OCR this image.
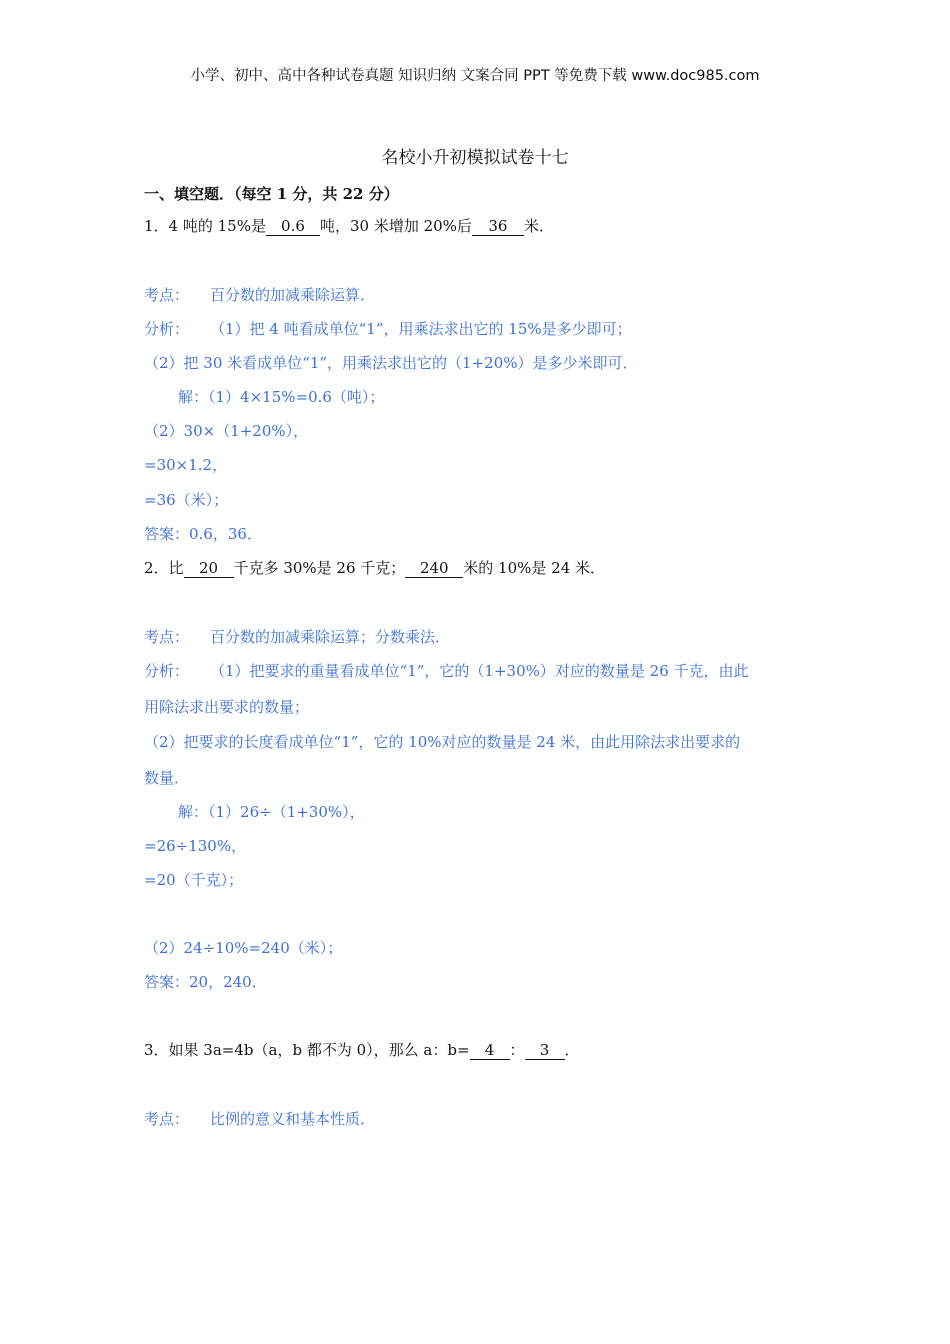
小学、初中、高中各种试卷真题 知识归纳 文案合同 PPT 等免费下载 www.doc985.com
名校小升初模拟试卷十七
一、填空题．（每空 1 分，共 22 分）
1．4 吨的 15%是 0.6 吨，30 米增加 20%后 36 米．
考点： 百分数的加减乘除运算．
分析： （1）把 4 吨看成单位“1”，用乘法求出它的 15%是多少即可；
（2）把 30 米看成单位“1”，用乘法求出它的（1+20%）是多少米即可．
解：（1）4×15%=0.6（吨）；
（2）30×（1+20%），
=30×1.2，
=36（米）；
答案：0.6，36．
2．比 20 千克多 30%是 26 千克； 240 米的 10%是 24 米．
考点： 百分数的加减乘除运算；分数乘法．
分析： （1）把要求的重量看成单位“1”，它的（1+30%）对应的数量是 26 千克，由此
用除法求出要求的数量；
（2）把要求的长度看成单位“1”，它的 10%对应的数量是 24 米，由此用除法求出要求的
数量．
解：（1）26÷（1+30%），
=26÷130%，
=20（千克）；
（2）24÷10%=240（米）；
答案：20，240．
3．如果 3a=4b（a，b 都不为 0），那么 a：b= 4 ： 3 ．
考点： 比例的意义和基本性质．
